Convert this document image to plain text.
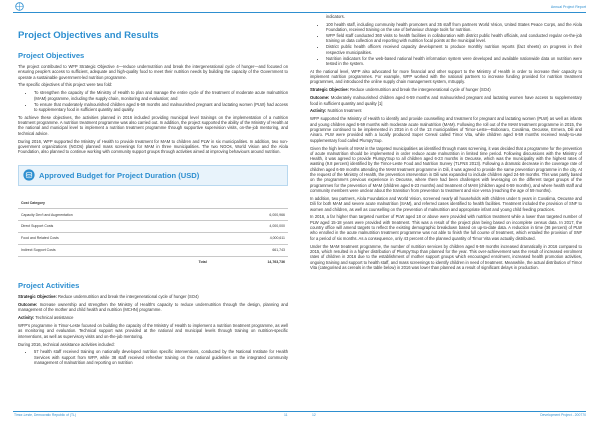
Annual Project Report
Project Objectives and Results
Project Objectives

The project contributed to WFP Strategic Objective 4—reduce undernutrition and break the intergenerational cycle of hunger—and focused on ensuring people's access to sufficient, adequate and high-quality food to meet their nutrition needs by building the capacity of the Government to operate a sustainable government-led nutrition programme.

The specific objectives of this project were two fold:

• To strengthen the capacity of the Ministry of Health to plan and manage the entire cycle of the treatment of moderate acute malnutrition (MAM) programme, including the supply chain, monitoring and evaluation; and
• To ensure that moderately malnourished children aged 6-59 months and malnourished pregnant and lactating women (PLW) had access to supplementary food in sufficient quantity and quality.

To achieve these objectives, the activities planned in 2016 included providing municipal level trainings on the implementation of a nutrition treatment programme. A nutrition treatment programme was also carried out. In addition, the project supported the ability of the Ministry of Health at the national and municipal level to implement a nutrition treatment programme through supportive supervision visits, on-the-job mentoring, and technical advice.

During 2016, WFP supported the Ministry of Health to provide treatment for MAM to children and PLW in six municipalities. In addition, two non-government organizations (NGOs) planned mass screenings for MAM in three municipalities. The two NGOs, World Vision and the Alola Foundation, also planned to continue working with community support groups through activities aimed at improving behaviours around nutrition.

Approved Budget for Project Duration (USD)
Cost Category	
Capacity Dev't and Augmentation	6,000,966
Direct Support Costs	4,000,000
Food and Related Costs	4,000,611
Indirect Support Costs	661,743
Total	14,763,736
Project Activities

Strategic Objective: Reduce undernutrition and break the intergenerational cycle of hunger (SO4)

Outcome: Increase ownership and strengthen the Ministry of Health's capacity to reduce undernutrition through the design, planning and management of the mother and child health and nutrition (MCHN) programme.

Activity: Technical assistance

WFP's programme in Timor-Leste focused on building the capacity of the Ministry of Health to implement a nutrition treatment programme, as well as monitoring and evaluation. Technical support was provided at the national and municipal levels through training on nutrition-specific interventions, as well as supervisory visits and on-the-job mentoring.

During 2016, technical assistance activities included:

• 57 health staff received training on nationally developed nutrition specific interventions, conducted by the National Institute for Health Services with support from WFP, while 38 staff received refresher training on the national guidelines on the integrated community management of malnutrition and reporting on nutrition

indicators.

• 100 health staff, including community health promoters and 35 staff from partners World Vision, United States Peace Corps, and the Alola Foundation, received training on the use of behaviour change tools for nutrition.
• WFP field staff conducted 360 visits to health facilities in collaboration with district public health officials, and conducted regular on-the-job training on data collection and reporting with nutrition focal points at the municipal level.
• District public health officers received capacity development to produce monthly nutrition reports (fact sheets) on progress in their respective municipalities.
• Nutrition indicators for the web-based national health information system were developed and available nationwide data on nutrition were tested in the system.

At the national level, WFP also advocated for more financial and other support to the Ministry of Health in order to increase their capacity to implement nutrition programmes. For example, WFP worked with the national partners to increase funding provided for nutrition treatment programmes, and introduced the online supply chain management system, mSupply.

Strategic Objective: Reduce undernutrition and break the intergenerational cycle of hunger (SO4)

Outcome: Moderately malnourished children aged 6-59 months and malnourished pregnant and lactating women have access to supplementary food in sufficient quantity and quality [1]

Activity: Nutrition treatment

WFP supported the Ministry of Health to identify and provide counselling and treatment for pregnant and lactating women (PLW) as well as infants and young children aged 6-59 months with moderate acute malnutrition (MAM). Following the roll out of the MAM treatment programme in 2015, the programme continued to be implemented in 2016 in 6 of the 13 municipalities of Timor-Leste—Bobonaro, Covalima, Oecusse, Ermera, Dili and Ainaro. PLW were provided with a locally produced Super Cereal called Timor Vita, while children aged 6-59 months received ready-to-use supplementary food called Plumpy'Sup.

Given the high levels of MAM in the targeted municipalities as identified through mass screening, it was decided that a programme for the prevention of acute malnutrition should be implemented in order reduce acute malnutrition in limited time period. Following discussions with the Ministry of Health, it was agreed to provide Plumpy'Sup to all children aged 6-23 months in Oecusse, which was the municipality with the highest rates of wasting (9.8 percent) identified by the Timor-Leste Food and Nutrition Survey (TLFNS 2013). Following a dramatic decrease in the coverage rate of children aged 6-59 months attending the MAM treatment programme in Dili, it was agreed to provide the same prevention programme in the city. At the request of the Ministry of Health, the prevention intervention in Dili was expanded to include children aged 24-59 months. This was partly based on the programme's previous experience in Oecusse, where there had been challenges with leveraging on the different target groups of the programmes for the prevention of MAM (children aged 6-23 months) and treatment of MAM (children aged 6-59 months), and where health staff and community members were unclear about the transition from prevention to treatment and vice versa (reaching the age of 59 months).

In addition, two partners, Alola Foundation and World Vision, screened nearly all households with children under 5 years in Covalima, Oecusse and Dili for both MAM and severe acute malnutrition (SAM), and referred cases identified to health facilities. Treatment included the provision of SNF to women and children, as well as counselling on the prevention of malnutrition and appropriate infant and young child feeding practices.

In 2016, a far higher than targeted number of PLW aged 18 or above were provided with nutrition treatment while a lower than targeted number of PLW aged 15-18 years were provided with treatment. This was a result of the project plan being based on incomplete census data. In 2017, the country office will amend targets to reflect the existing demographic breakdown based on up-to-date data. A reduction in time (36 percent) of PLW who enrolled in the acute malnutrition treatment programme was not able to finish the full course of treatment, which entailed the provision of SNF for a period of six months. As a consequence, only 43 percent of the planned quantity of Timor Vita was actually distributed.

Under the MAM treatment programme, the number of nutrition services by children aged 6-59 months increased dramatically in 2016 compared to 2015, which resulted in a higher distribution of Plumpy'Sup than planned for the year. This over-achievement was the result of increased enrolment rates of children in 2016 due to the establishment of mother support groups which encouraged enrolment, increased health promotion activities, ongoing training and support to health staff, and mass screenings to identify children in need of treatment. Meanwhile, the actual distribution of Timor Vita (categorised as cereals in the table below) in 2016 was lower than planned as a result of significant delays in production.

Timor-Leste, Democratic Republic of (TL)	11	12	Development Project - 200770
